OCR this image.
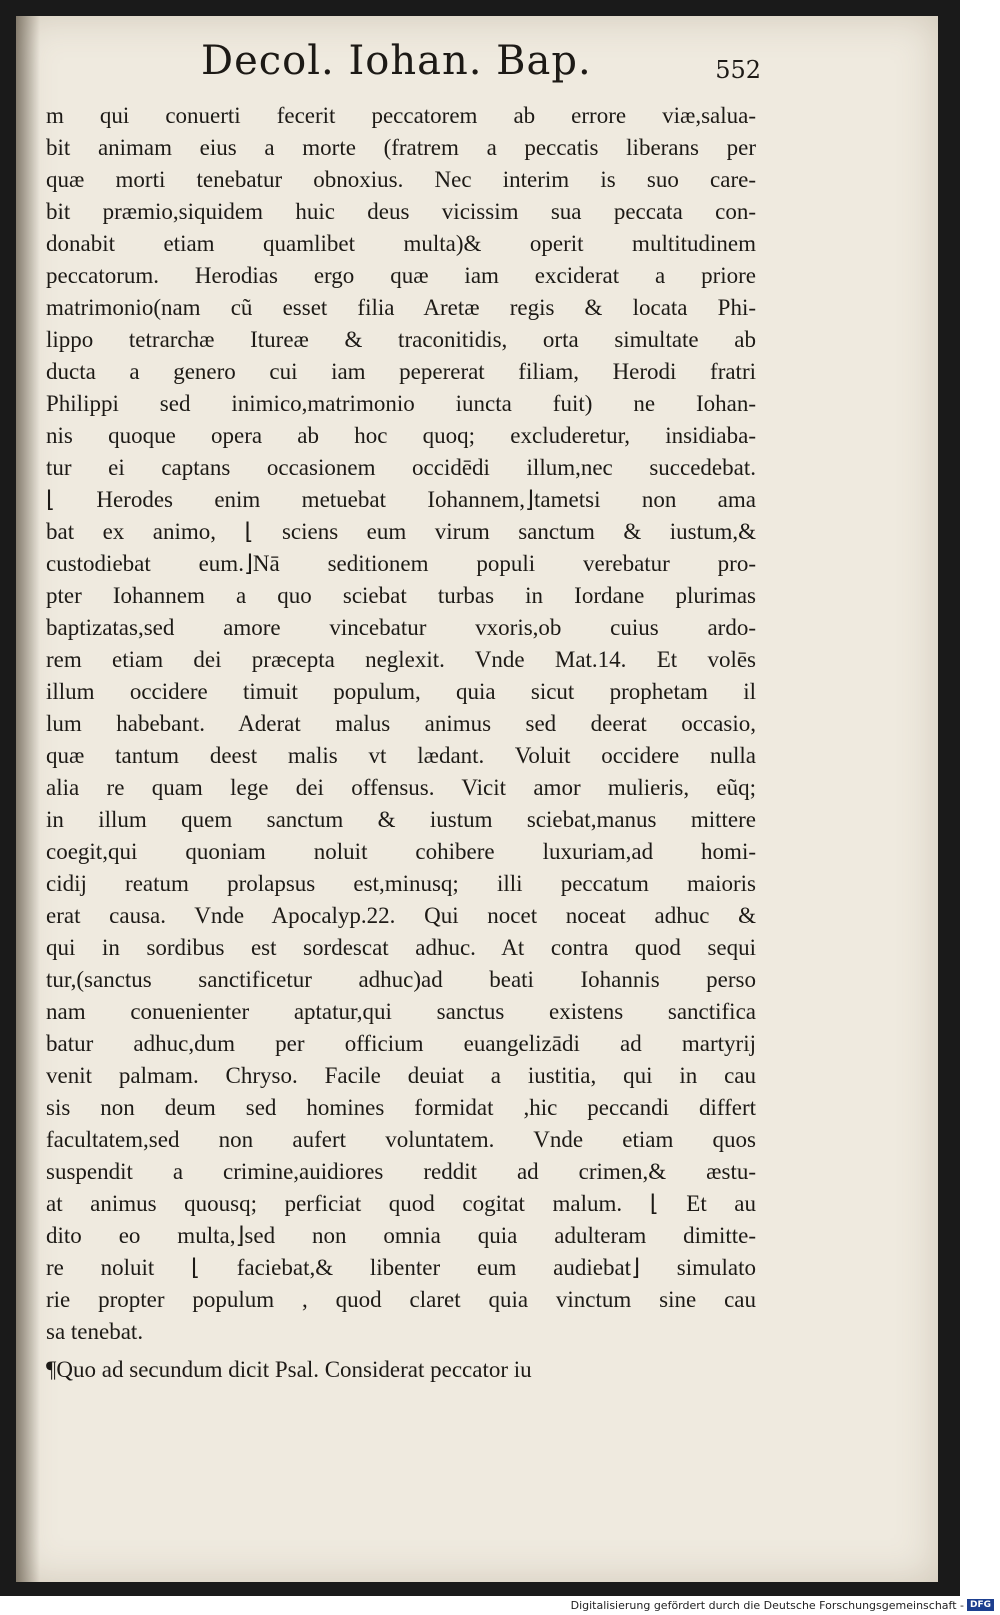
Decol. Iohan. Bap.	552
m qui conuerti fecerit peccatorem ab errore viæ,salua-
bit animam eius a morte (fratrem a peccatis liberans per
quæ morti tenebatur obnoxius. Nec interim is suo care-
bit præmio,siquidem huic deus vicissim sua peccata con-
donabit etiam quamlibet multa)& operit multitudinem
peccatorum. Herodias ergo quæ iam exciderat a priore
matrimonio(nam cũ esset filia Aretæ regis & locata Phi-
lippo tetrarchæ Itureæ & traconitidis, orta simultate ab
ducta a genero cui iam pepererat filiam, Herodi fratri
Philippi sed inimico,matrimonio iuncta fuit) ne Iohan-
nis quoque opera ab hoc quoq; excluderetur, insidiaba-
tur ei captans occasionem occidēdi illum,nec succedebat.
⌊ Herodes enim metuebat Iohannem,⌋tametsi non ama
bat ex animo, ⌊ sciens eum virum sanctum & iustum,&
custodiebat eum.⌋Nā seditionem populi verebatur pro-
pter Iohannem a quo sciebat turbas in Iordane plurimas
baptizatas,sed amore vincebatur vxoris,ob cuius ardo-
rem etiam dei præcepta neglexit. Vnde Mat.14. Et volēs
illum occidere timuit populum, quia sicut prophetam il
lum habebant. Aderat malus animus sed deerat occasio,
quæ tantum deest malis vt lædant. Voluit occidere nulla
alia re quam lege dei offensus. Vicit amor mulieris, eũq;
in illum quem sanctum & iustum sciebat,manus mittere
coegit,qui quoniam noluit cohibere luxuriam,ad homi-
cidij reatum prolapsus est,minusq; illi peccatum maioris
erat causa. Vnde Apocalyp.22. Qui nocet noceat adhuc &
qui in sordibus est sordescat adhuc. At contra quod sequi
tur,(sanctus sanctificetur adhuc)ad beati Iohannis perso
nam conuenienter aptatur,qui sanctus existens sanctifica
batur adhuc,dum per officium euangelizādi ad martyrij
venit palmam. Chryso. Facile deuiat a iustitia, qui in cau
sis non deum sed homines formidat ,hic peccandi differt
facultatem,sed non aufert voluntatem. Vnde etiam quos
suspendit a crimine,auidiores reddit ad crimen,& æstu-
at animus quousq; perficiat quod cogitat malum. ⌊ Et au
dito eo multa,⌋sed non omnia quia adulteram dimitte-
re noluit ⌊ faciebat,& libenter eum audiebat⌋ simulato
rie propter populum , quod claret quia vinctum sine cau
sa tenebat.
¶Quo ad secundum dicit Psal. Considerat peccator iu
Digitalisierung gefördert durch die Deutsche Forschungsgemeinschaft - DFG
